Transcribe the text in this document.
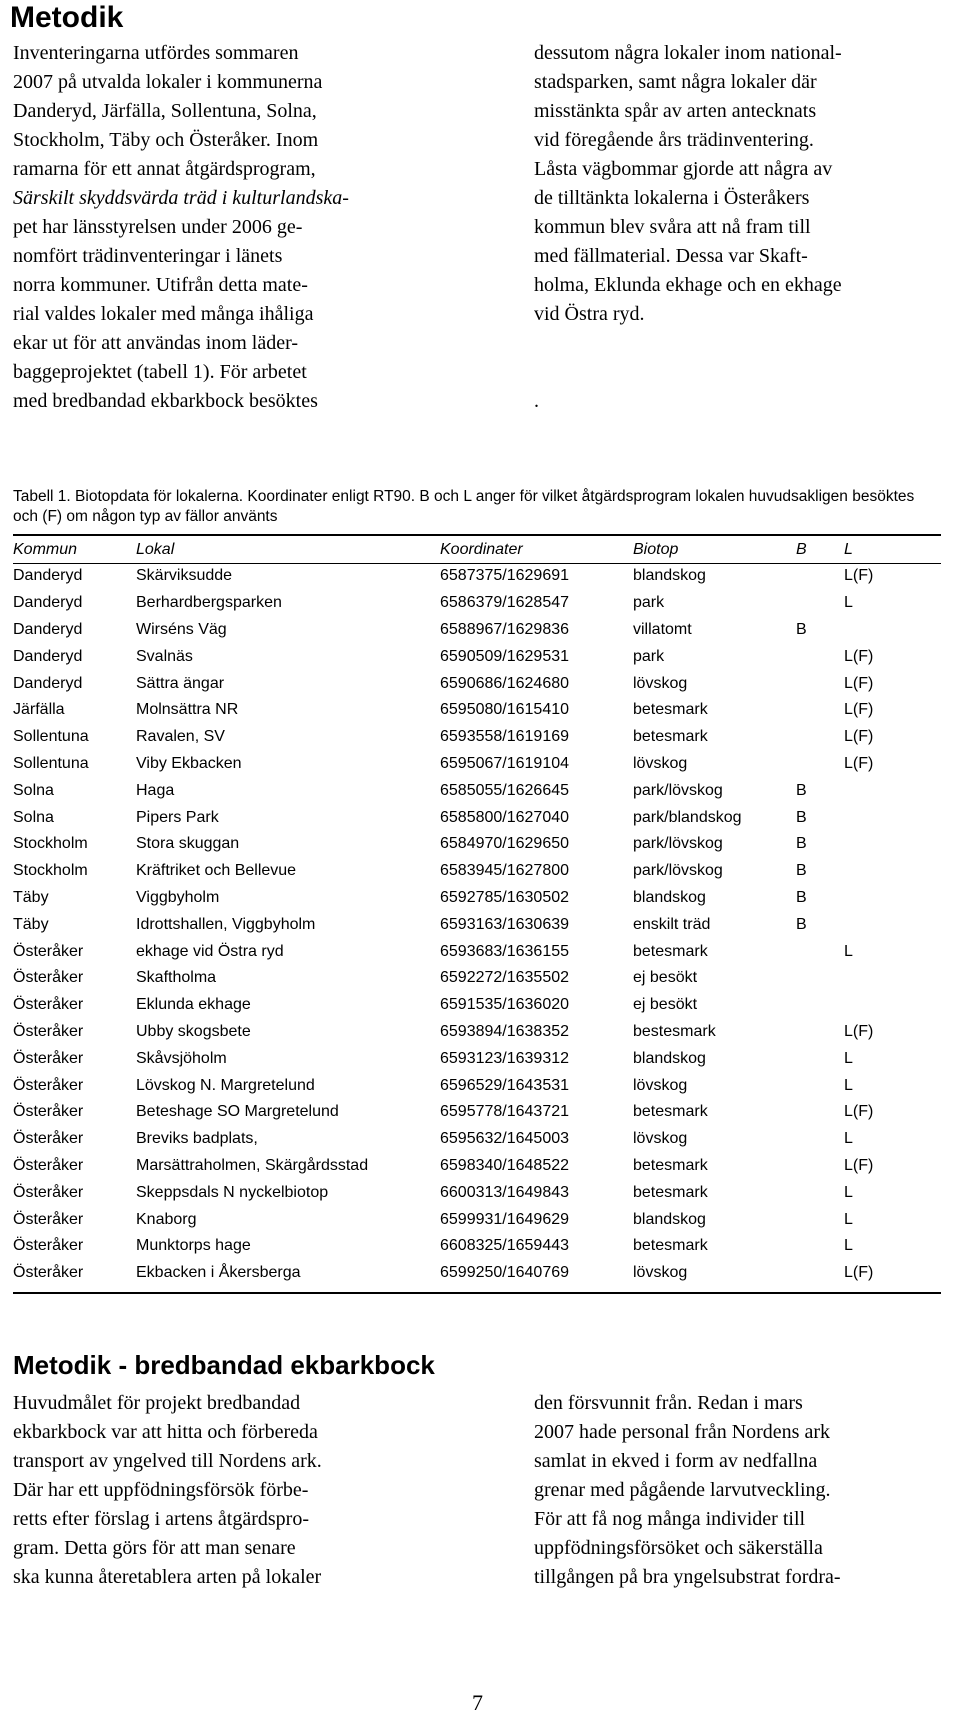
Metodik

Inventeringarna utfördes sommaren

2007 på utvalda lokaler i kommunerna

Danderyd, Järfälla, Sollentuna, Solna,

Stockholm, Täby och Österåker. Inom

ramarna för ett annat åtgärdsprogram,

Särskilt skyddsvärda träd i kulturlandska-

pet har länsstyrelsen under 2006 ge-

nomfört trädinventeringar i länets

norra kommuner. Utifrån detta mate-

rial valdes lokaler med många ihåliga

ekar ut för att användas inom läder-

baggeprojektet (tabell 1). För arbetet

med bredbandad ekbarkbock besöktes

dessutom några lokaler inom national-

stadsparken, samt några lokaler där

misstänkta spår av arten antecknats

vid föregående års trädinventering.

Låsta vägbommar gjorde att några av

de tilltänkta lokalerna i Österåkers

kommun blev svåra att nå fram till

med fällmaterial. Dessa var Skaft-

holma, Eklunda ekhage och en ekhage

vid Östra ryd.

.
Tabell 1. Biotopdata för lokalerna. Koordinater enligt RT90. B och L anger för vilket åtgärdsprogram lokalen huvudsakligen besöktes och (F) om någon typ av fällor använts
Kommun	Lokal	Koordinater	Biotop	B	L
Danderyd	Skärviksudde	6587375/1629691	blandskog		L(F)
Danderyd	Berhardbergsparken	6586379/1628547	park		L
Danderyd	Wirséns Väg	6588967/1629836	villatomt	B	
Danderyd	Svalnäs	6590509/1629531	park		L(F)
Danderyd	Sättra ängar	6590686/1624680	lövskog		L(F)
Järfälla	Molnsättra NR	6595080/1615410	betesmark		L(F)
Sollentuna	Ravalen, SV	6593558/1619169	betesmark		L(F)
Sollentuna	Viby Ekbacken	6595067/1619104	lövskog		L(F)
Solna	Haga	6585055/1626645	park/lövskog	B	
Solna	Pipers Park	6585800/1627040	park/blandskog	B	
Stockholm	Stora skuggan	6584970/1629650	park/lövskog	B	
Stockholm	Kräftriket och Bellevue	6583945/1627800	park/lövskog	B	
Täby	Viggbyholm	6592785/1630502	blandskog	B	
Täby	Idrottshallen, Viggbyholm	6593163/1630639	enskilt träd	B	
Österåker	ekhage vid Östra ryd	6593683/1636155	betesmark		L
Österåker	Skaftholma	6592272/1635502	ej besökt		
Österåker	Eklunda ekhage	6591535/1636020	ej besökt		
Österåker	Ubby skogsbete	6593894/1638352	bestesmark		L(F)
Österåker	Skåvsjöholm	6593123/1639312	blandskog		L
Österåker	Lövskog N. Margretelund	6596529/1643531	lövskog		L
Österåker	Beteshage SO Margretelund	6595778/1643721	betesmark		L(F)
Österåker	Breviks badplats,	6595632/1645003	lövskog		L
Österåker	Marsättraholmen, Skärgårdsstad	6598340/1648522	betesmark		L(F)
Österåker	Skeppsdals N nyckelbiotop	6600313/1649843	betesmark		L
Österåker	Knaborg	6599931/1649629	blandskog		L
Österåker	Munktorps hage	6608325/1659443	betesmark		L
Österåker	Ekbacken i Åkersberga	6599250/1640769	lövskog		L(F)
Metodik - bredbandad ekbarkbock

Huvudmålet för projekt bredbandad

ekbarkbock var att hitta och förbereda

transport av yngelved till Nordens ark.

Där har ett uppfödningsförsök förbe-

retts efter förslag i artens åtgärdspro-

gram. Detta görs för att man senare

ska kunna återetablera arten på lokaler

den försvunnit från. Redan i mars

2007 hade personal från Nordens ark

samlat in ekved i form av nedfallna

grenar med pågående larvutveckling.

För att få nog många individer till

uppfödningsförsöket och säkerställa

tillgången på bra yngelsubstrat fordra-

7
